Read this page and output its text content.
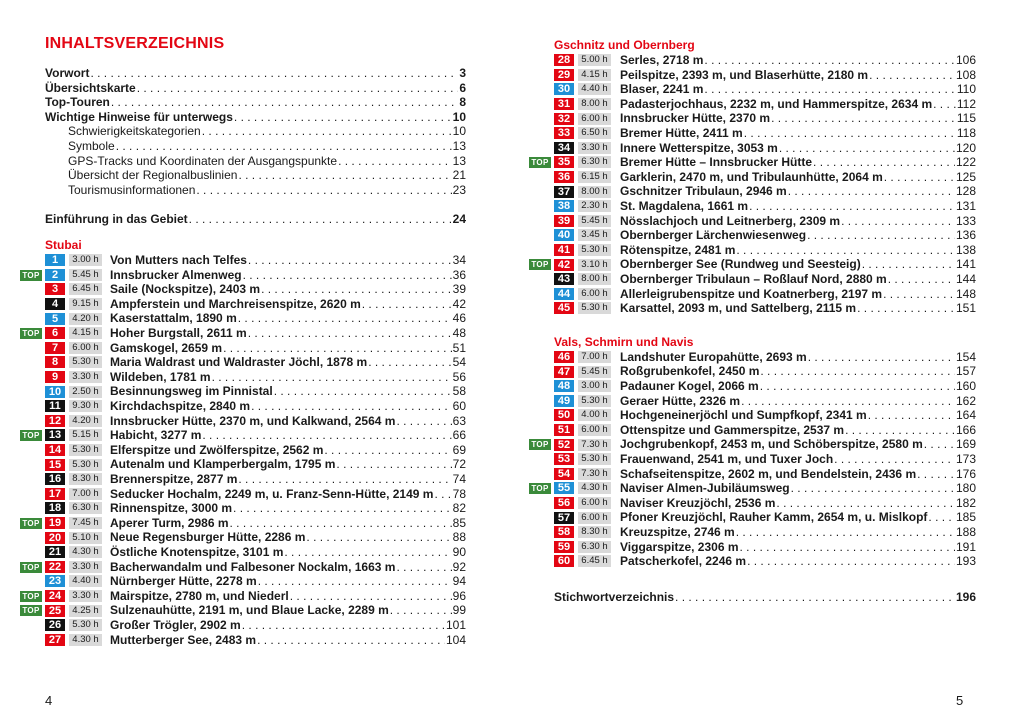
INHALTSVERZEICHNIS
Vorwort . . .	3
Übersichtskarte . . .	6
Top-Touren . . .	8
Wichtige Hinweise für unterwegs . . .	10
Schwierigkeitskategorien . . .	10
Symbole . . .	13
GPS-Tracks und Koordinaten der Ausgangspunkte . . .	13
Übersicht der Regionalbuslinien . . .	21
Tourismusinformationen . . .	23
Einführung in das Gebiet . . .	24
Stubai
1	3.00 h Von Mutters nach Telfes . . .	34
TOP	2	5.45 h Innsbrucker Almenweg . . .	36
3	6.45 h Saile (Nockspitze), 2403 m . . .	39
4	9.15 h Ampferstein und Marchreisenspitze, 2620 m . . .	42
5	4.20 h Kaserstattalm, 1890 m . . .	46
TOP	6	4.15 h Hoher Burgstall, 2611 m . . .	48
7	6.00 h Gamskogel, 2659 m . . .	51
8	5.30 h Maria Waldrast und Waldraster Jöchl, 1878 m . . .	54
9	3.30 h Wildeben, 1781 m . . .	56
10	2.50 h Besinnungsweg im Pinnistal . . .	58
11	9.30 h Kirchdachspitze, 2840 m . . .	60
12	4.20 h Innsbrucker Hütte, 2370 m, und Kalkwand, 2564 m . . .	63
TOP 13	5.15 h Habicht, 3277 m . . .	66
14	5.30 h Elferspitze und Zwölferspitze, 2562 m . . .	69
15	5.30 h Autenalm und Klamperbergalm, 1795 m . . .	72
16	8.30 h Brennerspitze, 2877 m . . .	74
17	7.00 h Seducker Hochalm, 2249 m, u. Franz-Senn-Hütte, 2149 m . . . 78
18	6.30 h Rinnenspitze, 3000 m . . .	82
TOP 19	7.45 h Aperer Turm, 2986 m . . .	85
20	5.10 h Neue Regensburger Hütte, 2286 m . . .	88
21	4.30 h Östliche Knotenspitze, 3101 m . . .	90
TOP 22	3.30 h Bacherwandalm und Falbesoner Nockalm, 1663 m . . .	92
23	4.40 h Nürnberger Hütte, 2278 m . . .	94
TOP 24	3.30 h Mairspitze, 2780 m, und Niederl . . .	96
TOP 25	4.25 h Sulzenauhütte, 2191 m, und Blaue Lacke, 2289 m . . .	99
26	5.30 h Großer Trögler, 2902 m . . .	101
27	4.30 h Mutterberger See, 2483 m . . .	104
4
Gschnitz und Obernberg
28	5.00 h Serles, 2718 m . . .	106
29	4.15 h Peilspitze, 2393 m, und Blaserhütte, 2180 m . . .	108
30	4.40 h Blaser, 2241 m . . .	110
31	8.00 h Padasterjochhaus, 2232 m, und Hammerspitze, 2634 m . . . 112
32	6.00 h Innsbrucker Hütte, 2370 m . . .	115
33	6.50 h Bremer Hütte, 2411 m . . .	118
34	3.30 h Innere Wetterspitze, 3053 m . . .	120
TOP 35	6.30 h Bremer Hütte – Innsbrucker Hütte . . .	122
36	6.15 h Garklerin, 2470 m, und Tribulaunhütte, 2064 m . . .	125
37	8.00 h Gschnitzer Tribulaun, 2946 m . . .	128
38	2.30 h St. Magdalena, 1661 m . . .	131
39	5.45 h Nösslachjoch und Leitnerberg, 2309 m . . .	133
40	3.45 h Obernberger Lärchenwiesenweg . . .	136
41	5.30 h Rötenspitze, 2481 m . . .	138
TOP 42	3.10 h Obernberger See (Rundweg und Seesteig) . . .	141
43	8.00 h Obernberger Tribulaun – Roßlauf Nord, 2880 m . . .	144
44	6.00 h Allerleigrubenspitze und Koatnerberg, 2197 m . . .	148
45	5.30 h Karsattel, 2093 m, und Sattelberg, 2115 m . . .	151
Vals, Schmirn und Navis
46	7.00 h Landshuter Europahütte, 2693 m . . .	154
47	5.45 h Roßgrubenkofel, 2450 m . . .	157
48	3.00 h Padauner Kogel, 2066 m . . .	160
49	5.30 h Geraer Hütte, 2326 m . . .	162
50	4.00 h Hochgeneinerjöchl und Sumpfkopf, 2341 m . . .	164
51	6.00 h Ottenspitze und Gammerspitze, 2537 m . . .	166
TOP 52	7.30 h Jochgrubenkopf, 2453 m, und Schöberspitze, 2580 m . . .	169
53	5.30 h Frauenwand, 2541 m, und Tuxer Joch . . .	173
54	7.30 h Schafseitenspitze, 2602 m, und Bendelstein, 2436 m . . .	176
TOP 55	4.30 h Naviser Almen-Jubiläumsweg . . .	180
56	6.00 h Naviser Kreuzjöchl, 2536 m . . .	182
57	6.00 h Pfoner Kreuzjöchl, Rauher Kamm, 2654 m, u. Mislkopf . . . 185
58	8.30 h Kreuzspitze, 2746 m . . .	188
59	6.30 h Viggarspitze, 2306 m . . .	191
60	6.45 h Patscherkofel, 2246 m . . .	193
Stichwortverzeichnis . . .	196
5
